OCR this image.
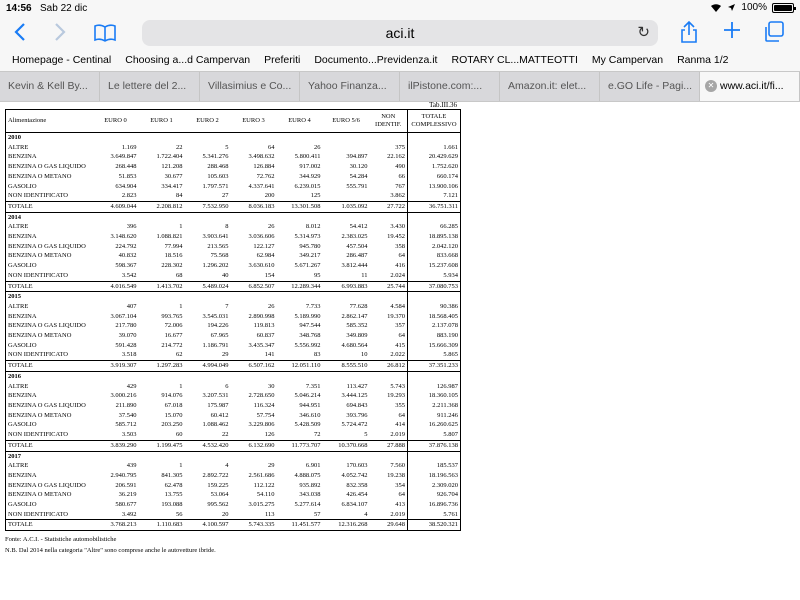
14:56 Sab 22 dic	100%
aci.it	↻
Homepage - Centinal	Choosing a...d Campervan	Preferiti	Documento...Previdenza.it	ROTARY CL...MATTEOTTI	My Campervan	Ranma 1/2
Kevin & Kell By...	Le lettere del 2...	Villasimius e Co...	Yahoo Finanza...	ilPistone.com:...	Amazon.it: elet...	e.GO Life - Pagi...	✕ www.aci.it/fi...
Tab.III.36
Alimentazione	EURO 0	EURO 1	EURO 2	EURO 3	EURO 4	EURO 5/6	NON IDENTIF.	TOTALE COMPLESSIVO
2010								
ALTRE	1.169	22	5	64	26		375	1.661
BENZINA	3.649.847	1.722.404	5.341.276	3.498.632	5.800.411	394.897	22.162	20.429.629
BENZINA O GAS LIQUIDO	268.448	121.208	288.468	126.884	917.002	30.120	490	1.752.620
BENZINA O METANO	51.853	30.677	105.603	72.762	344.929	54.284	66	660.174
GASOLIO	634.904	334.417	1.797.571	4.337.641	6.239.015	555.791	767	13.900.106
NON IDENTIFICATO	2.823	84	27	200	125		3.862	7.121
TOTALE	4.609.044	2.208.812	7.532.950	8.036.183	13.301.508	1.035.092	27.722	36.751.311
2014								
ALTRE	396	1	8	26	8.012	54.412	3.430	66.285
BENZINA	3.148.620	1.088.821	3.903.641	3.036.606	5.314.973	2.383.025	19.452	18.895.138
BENZINA O GAS LIQUIDO	224.792	77.994	213.565	122.127	945.780	457.504	358	2.042.120
BENZINA O METANO	40.832	18.516	75.568	62.984	349.217	286.487	64	833.668
GASOLIO	598.367	228.302	1.296.202	3.630.610	5.671.267	3.812.444	416	15.237.608
NON IDENTIFICATO	3.542	68	40	154	95	11	2.024	5.934
TOTALE	4.016.549	1.413.702	5.489.024	6.852.507	12.289.344	6.993.883	25.744	37.080.753
2015								
ALTRE	407	1	7	26	7.733	77.628	4.584	90.386
BENZINA	3.067.104	993.765	3.545.031	2.890.998	5.189.990	2.862.147	19.370	18.568.405
BENZINA O GAS LIQUIDO	217.780	72.006	194.226	119.813	947.544	585.352	357	2.137.078
BENZINA O METANO	39.070	16.677	67.965	60.837	348.768	349.809	64	883.190
GASOLIO	591.428	214.772	1.186.791	3.435.347	5.556.992	4.680.564	415	15.666.309
NON IDENTIFICATO	3.518	62	29	141	83	10	2.022	5.865
TOTALE	3.919.307	1.297.283	4.994.049	6.507.162	12.051.110	8.555.510	26.812	37.351.233
2016								
ALTRE	429	1	6	30	7.351	113.427	5.743	126.987
BENZINA	3.000.216	914.076	3.207.531	2.728.650	5.046.214	3.444.125	19.293	18.360.105
BENZINA O GAS LIQUIDO	211.890	67.018	175.987	116.324	944.951	694.843	355	2.211.368
BENZINA O METANO	37.540	15.070	60.412	57.754	346.610	393.796	64	911.246
GASOLIO	585.712	203.250	1.088.462	3.229.806	5.428.509	5.724.472	414	16.260.625
NON IDENTIFICATO	3.503	60	22	126	72	5	2.019	5.807
TOTALE	3.839.290	1.199.475	4.532.420	6.132.690	11.773.707	10.370.668	27.888	37.876.138
2017								
ALTRE	439	1	4	29	6.901	170.603	7.560	185.537
BENZINA	2.940.795	841.305	2.892.722	2.561.686	4.888.075	4.052.742	19.238	18.196.563
BENZINA O GAS LIQUIDO	206.591	62.478	159.225	112.122	935.892	832.358	354	2.309.020
BENZINA O METANO	36.219	13.755	53.064	54.110	343.038	426.454	64	926.704
GASOLIO	580.677	193.088	995.562	3.015.275	5.277.614	6.834.107	413	16.896.736
NON IDENTIFICATO	3.492	56	20	113	57	4	2.019	5.761
TOTALE	3.768.213	1.110.683	4.100.597	5.743.335	11.451.577	12.316.268	29.648	38.520.321
Fonte: A.C.I. - Statistiche automobilistiche
N.B. Dal 2014 nella categoria "Altre" sono comprese anche le autovetture ibride.
